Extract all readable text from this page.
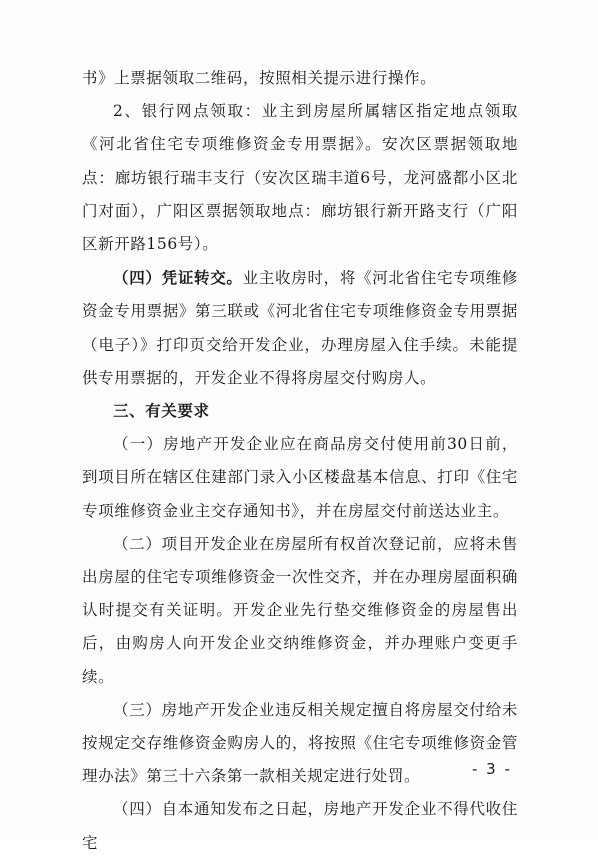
书》上票据领取二维码，按照相关提示进行操作。

2、银行网点领取：业主到房屋所属辖区指定地点领取《河北省住宅专项维修资金专用票据》。安次区票据领取地点：廊坊银行瑞丰支行（安次区瑞丰道6号，龙河盛都小区北门对面），广阳区票据领取地点：廊坊银行新开路支行（广阳区新开路156号）。

（四）凭证转交。业主收房时，将《河北省住宅专项维修资金专用票据》第三联或《河北省住宅专项维修资金专用票据（电子）》打印页交给开发企业，办理房屋入住手续。未能提供专用票据的，开发企业不得将房屋交付购房人。

三、有关要求

（一）房地产开发企业应在商品房交付使用前30日前，到项目所在辖区住建部门录入小区楼盘基本信息、打印《住宅专项维修资金业主交存通知书》，并在房屋交付前送达业主。

（二）项目开发企业在房屋所有权首次登记前，应将未售出房屋的住宅专项维修资金一次性交齐，并在办理房屋面积确认时提交有关证明。开发企业先行垫交维修资金的房屋售出后，由购房人向开发企业交纳维修资金，并办理账户变更手续。

（三）房地产开发企业违反相关规定擅自将房屋交付给未按规定交存维修资金购房人的，将按照《住宅专项维修资金管理办法》第三十六条第一款相关规定进行处罚。

（四）自本通知发布之日起，房地产开发企业不得代收住宅

- 3 -
